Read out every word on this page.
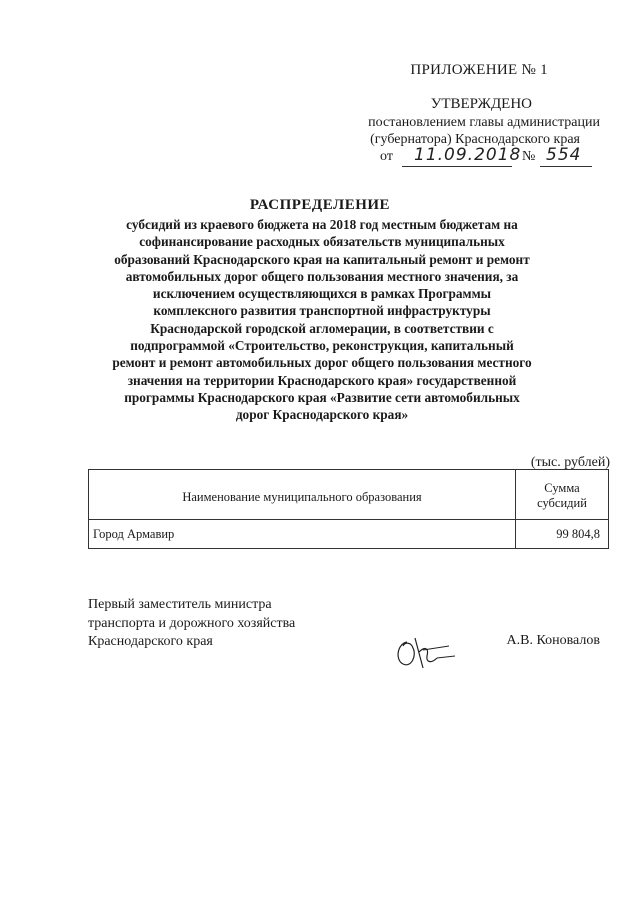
ПРИЛОЖЕНИЕ № 1
УТВЕРЖДЕНО
постановлением главы администрации
(губернатора) Краснодарского края
от 11.09.2018 № 554
РАСПРЕДЕЛЕНИЕ
субсидий из краевого бюджета на 2018 год местным бюджетам на софинансирование расходных обязательств муниципальных образований Краснодарского края на капитальный ремонт и ремонт автомобильных дорог общего пользования местного значения, за исключением осуществляющихся в рамках Программы комплексного развития транспортной инфраструктуры Краснодарской городской агломерации, в соответствии с подпрограммой «Строительство, реконструкция, капитальный ремонт и ремонт автомобильных дорог общего пользования местного значения на территории Краснодарского края» государственной программы Краснодарского края «Развитие сети автомобильных дорог Краснодарского края»
(тыс. рублей)
Наименование муниципального образования	Сумма
субсидий
Город Армавир	99 804,8
Первый заместитель министра
транспорта и дорожного хозяйства
Краснодарского края	А.В. Коновалов
